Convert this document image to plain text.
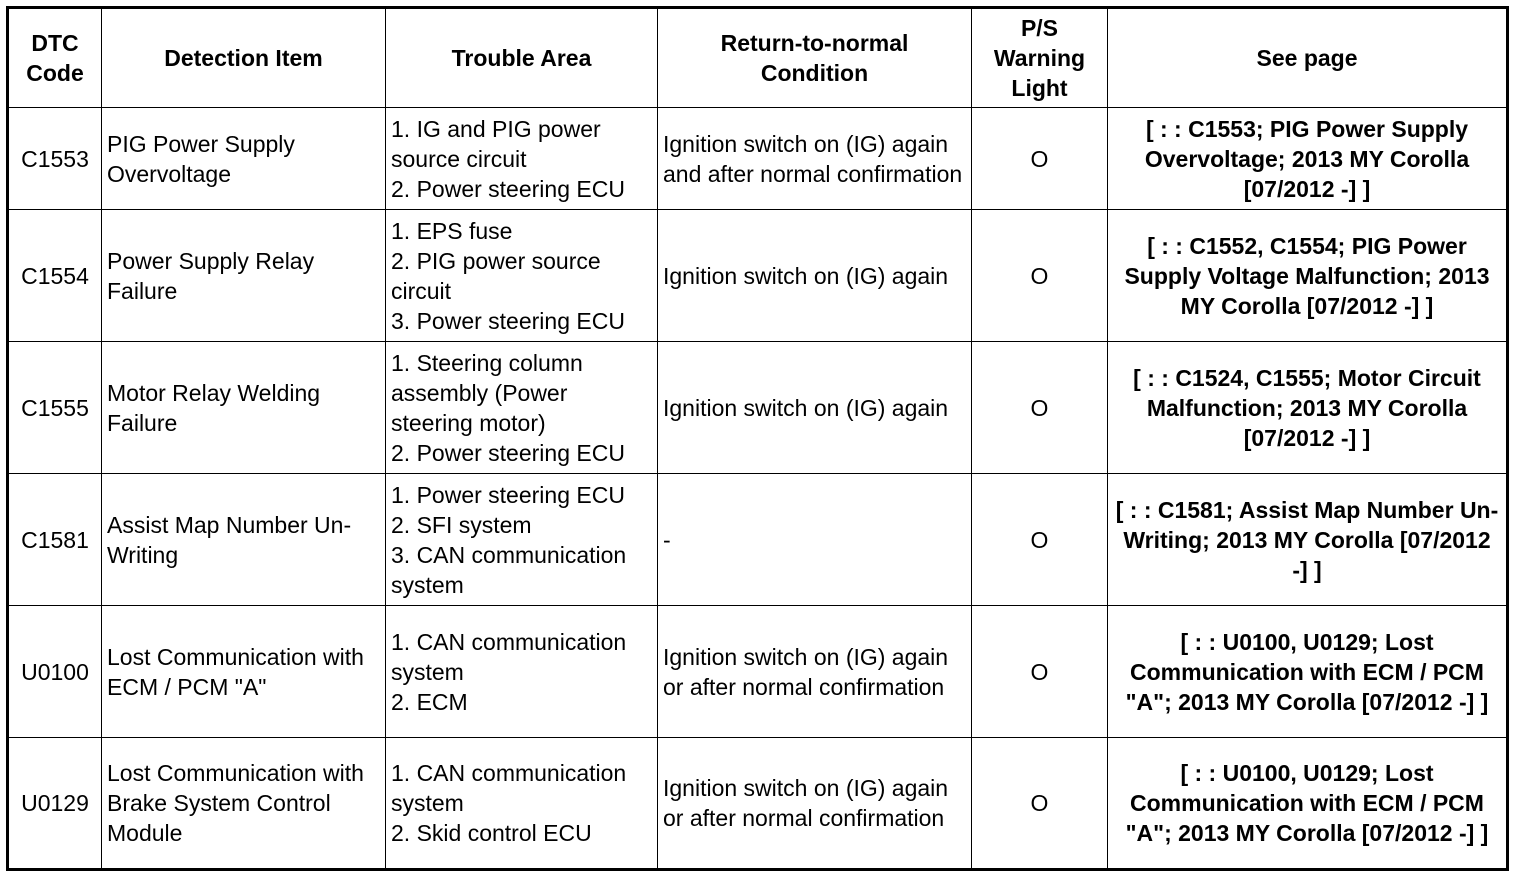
DTC Code	Detection Item	Trouble Area	Return-to-normal Condition	P/S Warning Light	See page
C1553	PIG Power Supply Overvoltage	1. IG and PIG power source circuit
2. Power steering ECU	Ignition switch on (IG) again and after normal confirmation	O	[ : : C1553; PIG Power Supply Overvoltage; 2013 MY Corolla [07/2012 -] ]
C1554	Power Supply Relay Failure	1. EPS fuse
2. PIG power source circuit
3. Power steering ECU	Ignition switch on (IG) again	O	[ : : C1552, C1554; PIG Power Supply Voltage Malfunction; 2013 MY Corolla [07/2012 -] ]
C1555	Motor Relay Welding Failure	1. Steering column assembly (Power steering motor)
2. Power steering ECU	Ignition switch on (IG) again	O	[ : : C1524, C1555; Motor Circuit Malfunction; 2013 MY Corolla [07/2012 -] ]
C1581	Assist Map Number Un-Writing	1. Power steering ECU
2. SFI system
3. CAN communication system	-	O	[ : : C1581; Assist Map Number Un-Writing; 2013 MY Corolla [07/2012 -] ]
U0100	Lost Communication with ECM / PCM "A"	1. CAN communication system
2. ECM	Ignition switch on (IG) again or after normal confirmation	O	[ : : U0100, U0129; Lost Communication with ECM / PCM "A"; 2013 MY Corolla [07/2012 -] ]
U0129	Lost Communication with Brake System Control Module	1. CAN communication system
2. Skid control ECU	Ignition switch on (IG) again or after normal confirmation	O	[ : : U0100, U0129; Lost Communication with ECM / PCM "A"; 2013 MY Corolla [07/2012 -] ]
